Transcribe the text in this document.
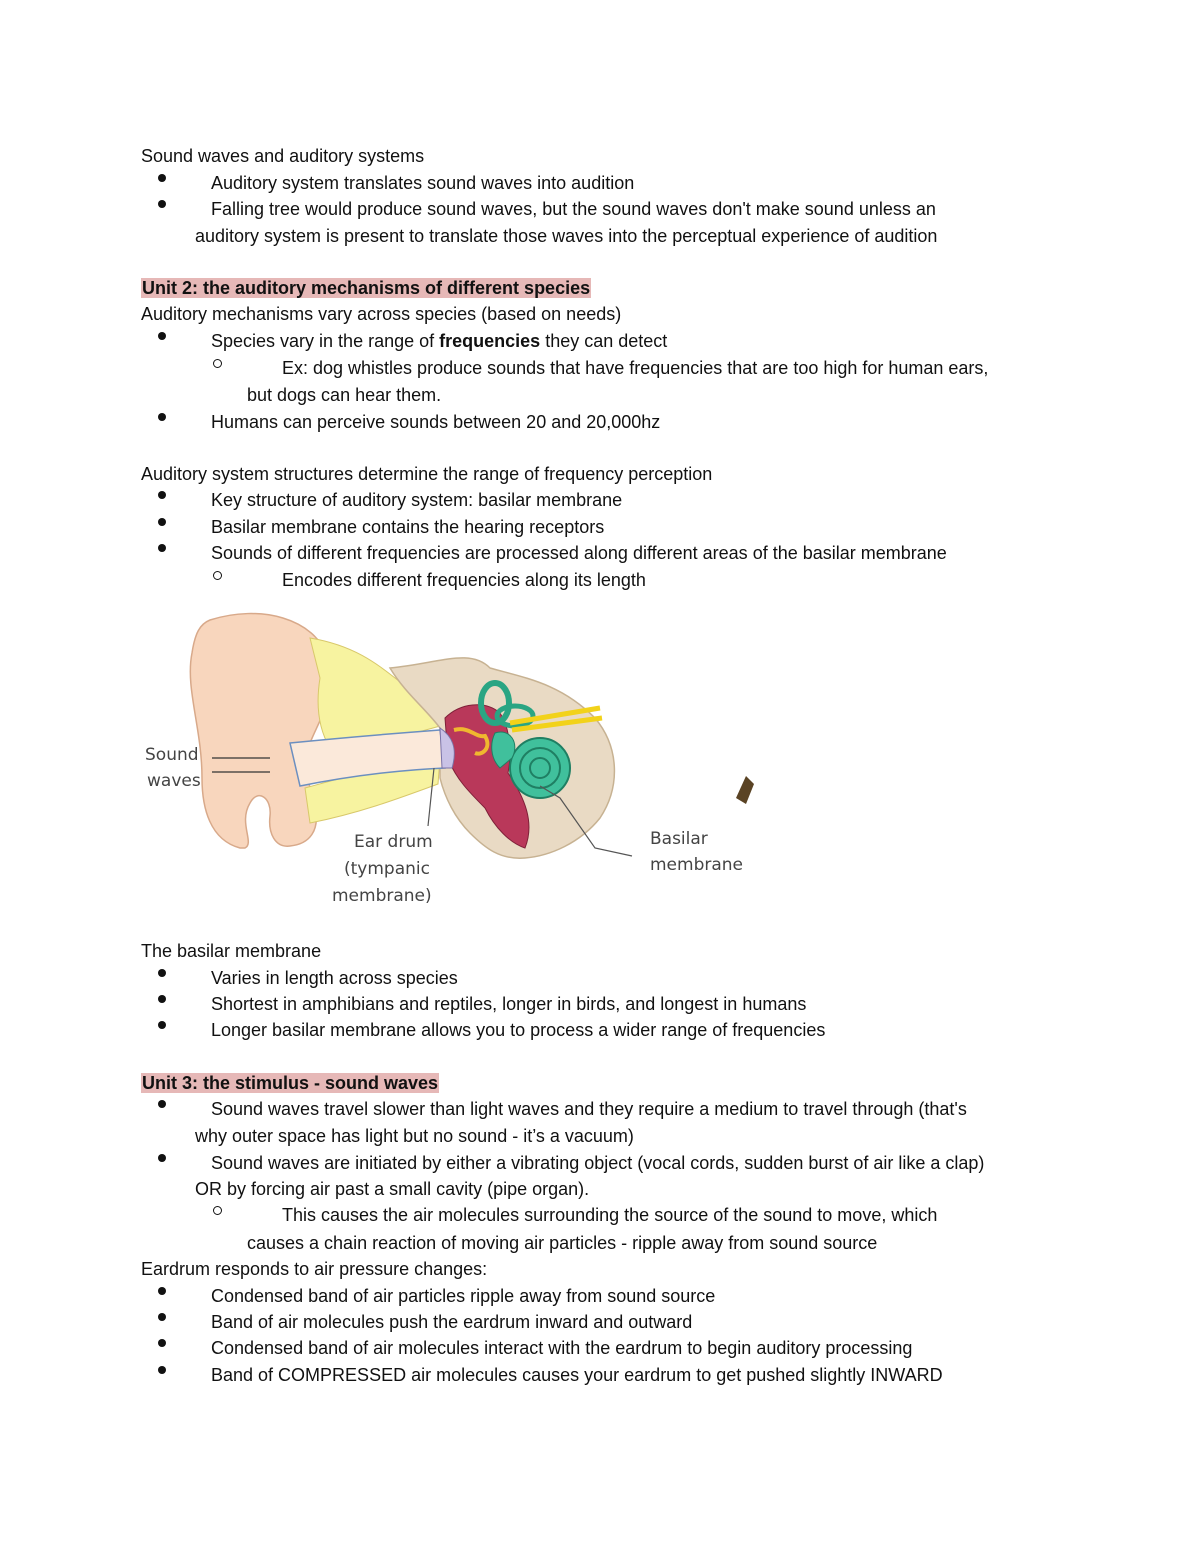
Sound waves and auditory systems
Auditory system translates sound waves into audition
Falling tree would produce sound waves, but the sound waves don't make sound unless an
auditory system is present to translate those waves into the perceptual experience of audition
Unit 2: the auditory mechanisms of different species
Auditory mechanisms vary across species (based on needs)
Species vary in the range of frequencies they can detect
Ex: dog whistles produce sounds that have frequencies that are too high for human ears,
but dogs can hear them.
Humans can perceive sounds between 20 and 20,000hz
Auditory system structures determine the range of frequency perception
Key structure of auditory system: basilar membrane
Basilar membrane contains the hearing receptors
Sounds of different frequencies are processed along different areas of the basilar membrane
Encodes different frequencies along its length
Sound
waves
Ear drum
(tympanic
membrane)
Basilar
membrane
The basilar membrane
Varies in length across species
Shortest in amphibians and reptiles, longer in birds, and longest in humans
Longer basilar membrane allows you to process a wider range of frequencies
Unit 3: the stimulus - sound waves
Sound waves travel slower than light waves and they require a medium to travel through (that's
why outer space has light but no sound - it’s a vacuum)
Sound waves are initiated by either a vibrating object (vocal cords, sudden burst of air like a clap)
OR by forcing air past a small cavity (pipe organ).
This causes the air molecules surrounding the source of the sound to move, which
causes a chain reaction of moving air particles - ripple away from sound source
Eardrum responds to air pressure changes:
Condensed band of air particles ripple away from sound source
Band of air molecules push the eardrum inward and outward
Condensed band of air molecules interact with the eardrum to begin auditory processing
Band of COMPRESSED air molecules causes your eardrum to get pushed slightly INWARD
